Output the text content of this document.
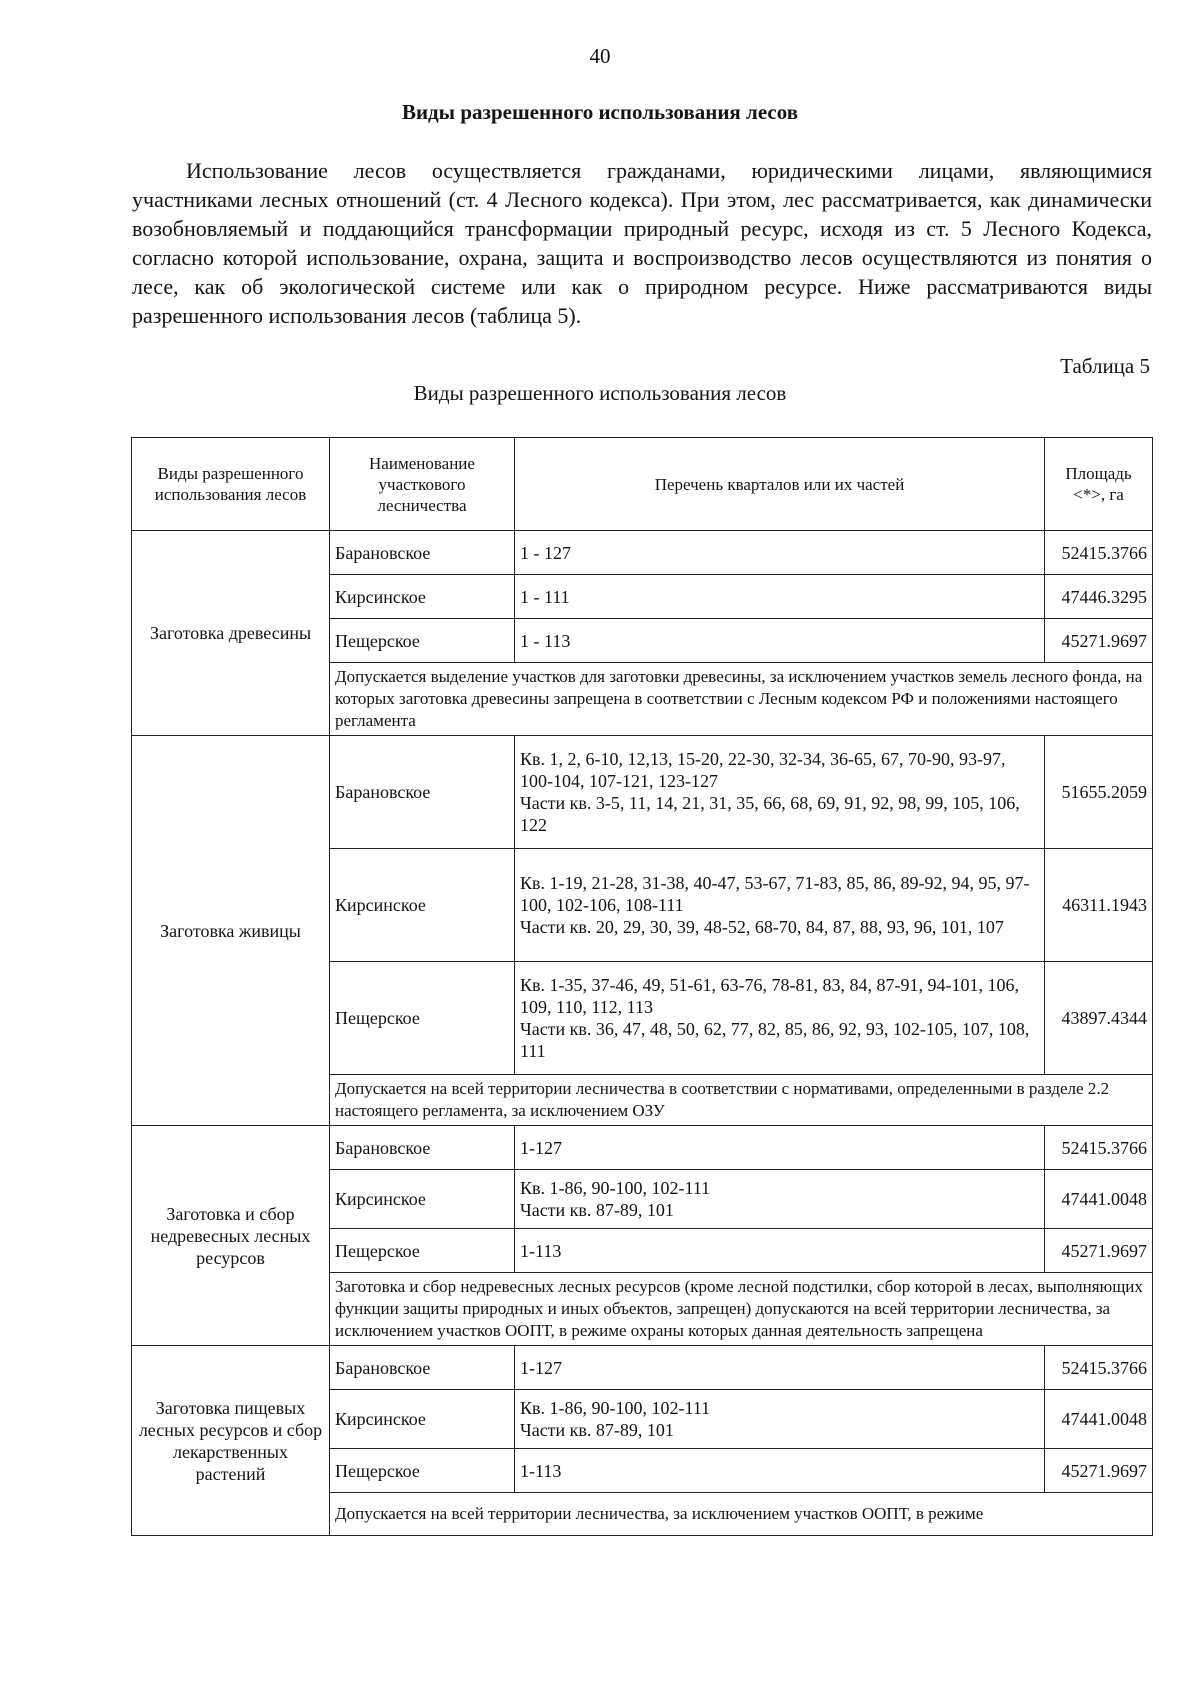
40
Виды разрешенного использования лесов

Использование лесов осуществляется гражданами, юридическими лицами, являющимися участниками лесных отношений (ст. 4 Лесного кодекса). При этом, лес рассматривается, как динамически возобновляемый и поддающийся трансформации природный ресурс, исходя из ст. 5 Лесного Кодекса, согласно которой использование, охрана, защита и воспроизводство лесов осуществляются из понятия о лесе, как об экологической системе или как о природном ресурсе. Ниже рассматриваются виды разрешенного использования лесов (таблица 5).

Таблица 5
Виды разрешенного использования лесов
Виды разрешенного использования лесов	Наименование участкового лесничества	Перечень кварталов или их частей	Площадь <*>, га
Заготовка древесины	Барановское	1 - 127	52415.3766
	Кирсинское	1 - 111	47446.3295
	Пещерское	1 - 113	45271.9697
	Допускается выделение участков для заготовки древесины, за исключением участков земель лесного фонда, на которых заготовка древесины запрещена в соответствии с Лесным кодексом РФ и положениями настоящего регламента		
Заготовка живицы	Барановское	Кв. 1, 2, 6-10, 12,13, 15-20, 22-30, 32-34, 36-65, 67, 70-90, 93-97, 100-104, 107-121, 123-127
Части кв. 3-5, 11, 14, 21, 31, 35, 66, 68, 69, 91, 92, 98, 99, 105, 106, 122	51655.2059
	Кирсинское	Кв. 1-19, 21-28, 31-38, 40-47, 53-67, 71-83, 85, 86, 89-92, 94, 95, 97-100, 102-106, 108-111
Части кв. 20, 29, 30, 39, 48-52, 68-70, 84, 87, 88, 93, 96, 101, 107	46311.1943
	Пещерское	Кв. 1-35, 37-46, 49, 51-61, 63-76, 78-81, 83, 84, 87-91, 94-101, 106, 109, 110, 112, 113
Части кв. 36, 47, 48, 50, 62, 77, 82, 85, 86, 92, 93, 102-105, 107, 108, 111	43897.4344
	Допускается на всей территории лесничества в соответствии с нормативами, определенными в разделе 2.2 настоящего регламента, за исключением ОЗУ		
Заготовка и сбор недревесных лесных ресурсов	Барановское	1-127	52415.3766
	Кирсинское	Кв. 1-86, 90-100, 102-111
Части кв. 87-89, 101	47441.0048
	Пещерское	1-113	45271.9697
	Заготовка и сбор недревесных лесных ресурсов (кроме лесной подстилки, сбор которой в лесах, выполняющих функции защиты природных и иных объектов, запрещен) допускаются на всей территории лесничества, за исключением участков ООПТ, в режиме охраны которых данная деятельность запрещена		
Заготовка пищевых лесных ресурсов и сбор лекарственных растений	Барановское	1-127	52415.3766
	Кирсинское	Кв. 1-86, 90-100, 102-111
Части кв. 87-89, 101	47441.0048
	Пещерское	1-113	45271.9697
	Допускается на всей территории лесничества, за исключением участков ООПТ, в режиме		
